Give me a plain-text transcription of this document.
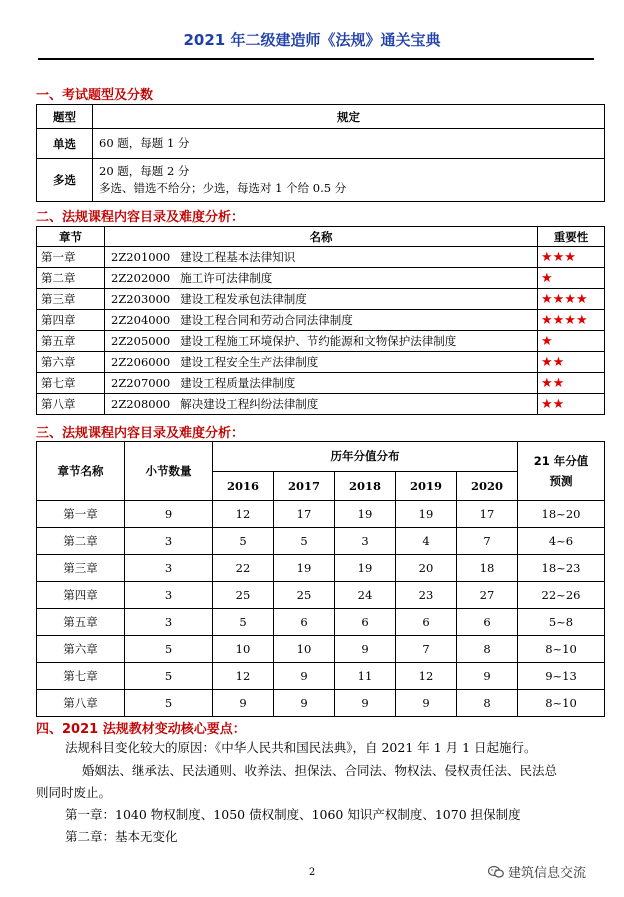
2021 年二级建造师《法规》通关宝典
一、考试题型及分数
题型	规定
单选	60 题，每题 1 分
多选	20 题，每题 2 分
多选、错选不给分；少选，每选对 1 个给 0.5 分
二、法规课程内容目录及难度分析：
章节	名称	重要性
第一章	2Z201000 建设工程基本法律知识	★★★
第二章	2Z202000 施工许可法律制度	★
第三章	2Z203000 建设工程发承包法律制度	★★★★
第四章	2Z204000 建设工程合同和劳动合同法律制度	★★★★
第五章	2Z205000 建设工程施工环境保护、节约能源和文物保护法律制度	★
第六章	2Z206000 建设工程安全生产法律制度	★★
第七章	2Z207000 建设工程质量法律制度	★★
第八章	2Z208000 解决建设工程纠纷法律制度	★★
三、法规课程内容目录及难度分析：
章节名称	小节数量	历年分值分布					21 年分值
预测

		2016	2017	2018	2019	2020	
第一章	9	12	17	19	19	17	18~20
第二章	3	5	5	3	4	7	4~6
第三章	3	22	19	19	20	18	18~23
第四章	3	25	25	24	23	27	22~26
第五章	3	5	6	6	6	6	5~8
第六章	5	10	10	9	7	8	8~10
第七章	5	12	9	11	12	9	9~13
第八章	5	9	9	9	9	8	8~10
四、2021 法规教材变动核心要点：
法规科目变化较大的原因：《中华人民共和国民法典》，自 2021 年 1 月 1 日起施行。
婚姻法、继承法、民法通则、收养法、担保法、合同法、物权法、侵权责任法、民法总
则同时废止。
第一章：1040 物权制度、1050 债权制度、1060 知识产权制度、1070 担保制度
第二章：基本无变化
2	建筑信息交流
